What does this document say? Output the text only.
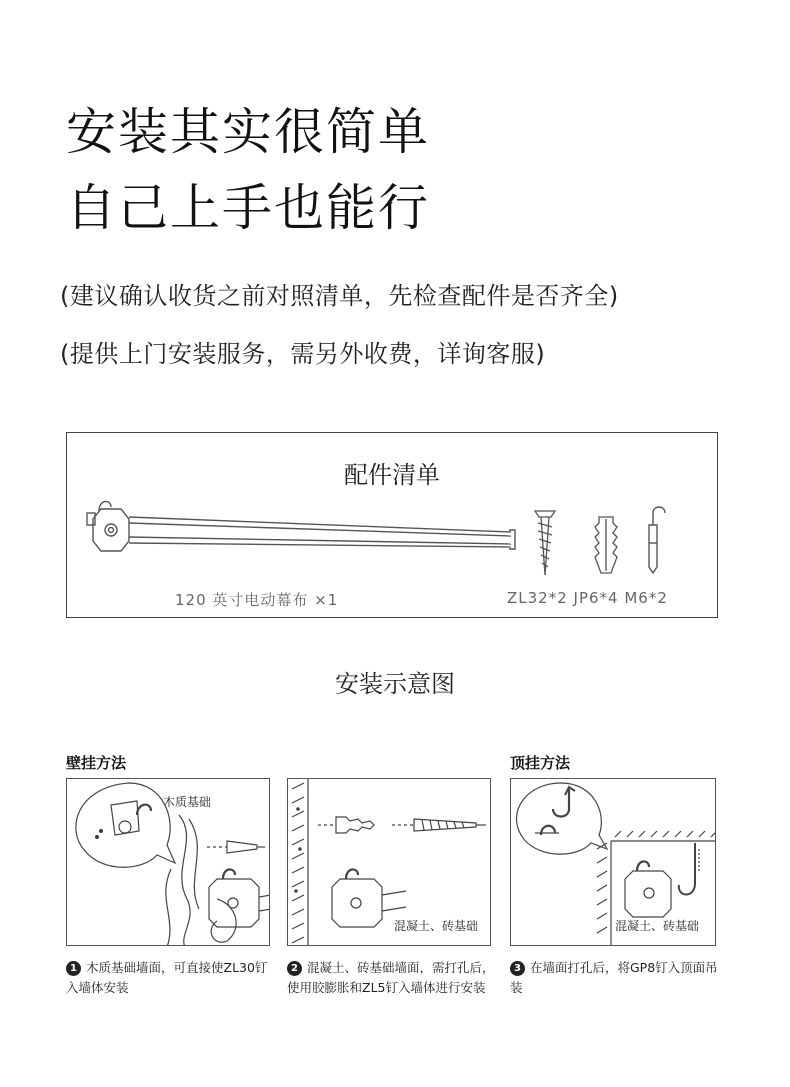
安装其实很简单
自己上手也能行
(建议确认收货之前对照清单，先检查配件是否齐全)
(提供上门安装服务，需另外收费，详询客服)
配件清单
120 英寸电动幕布 ×1	ZL32*2 JP6*4 M6*2
安装示意图
壁挂方法	顶挂方法
木质基础
混凝土、砖基础	混凝土、砖基础
1 木质基础墙面，可直接使ZL30钉入墙体安装
2 混凝土、砖基础墙面，需打孔后，使用胶膨胀和ZL5钉入墙体进行安装
3 在墙面打孔后，将GP8钉入顶面吊装
